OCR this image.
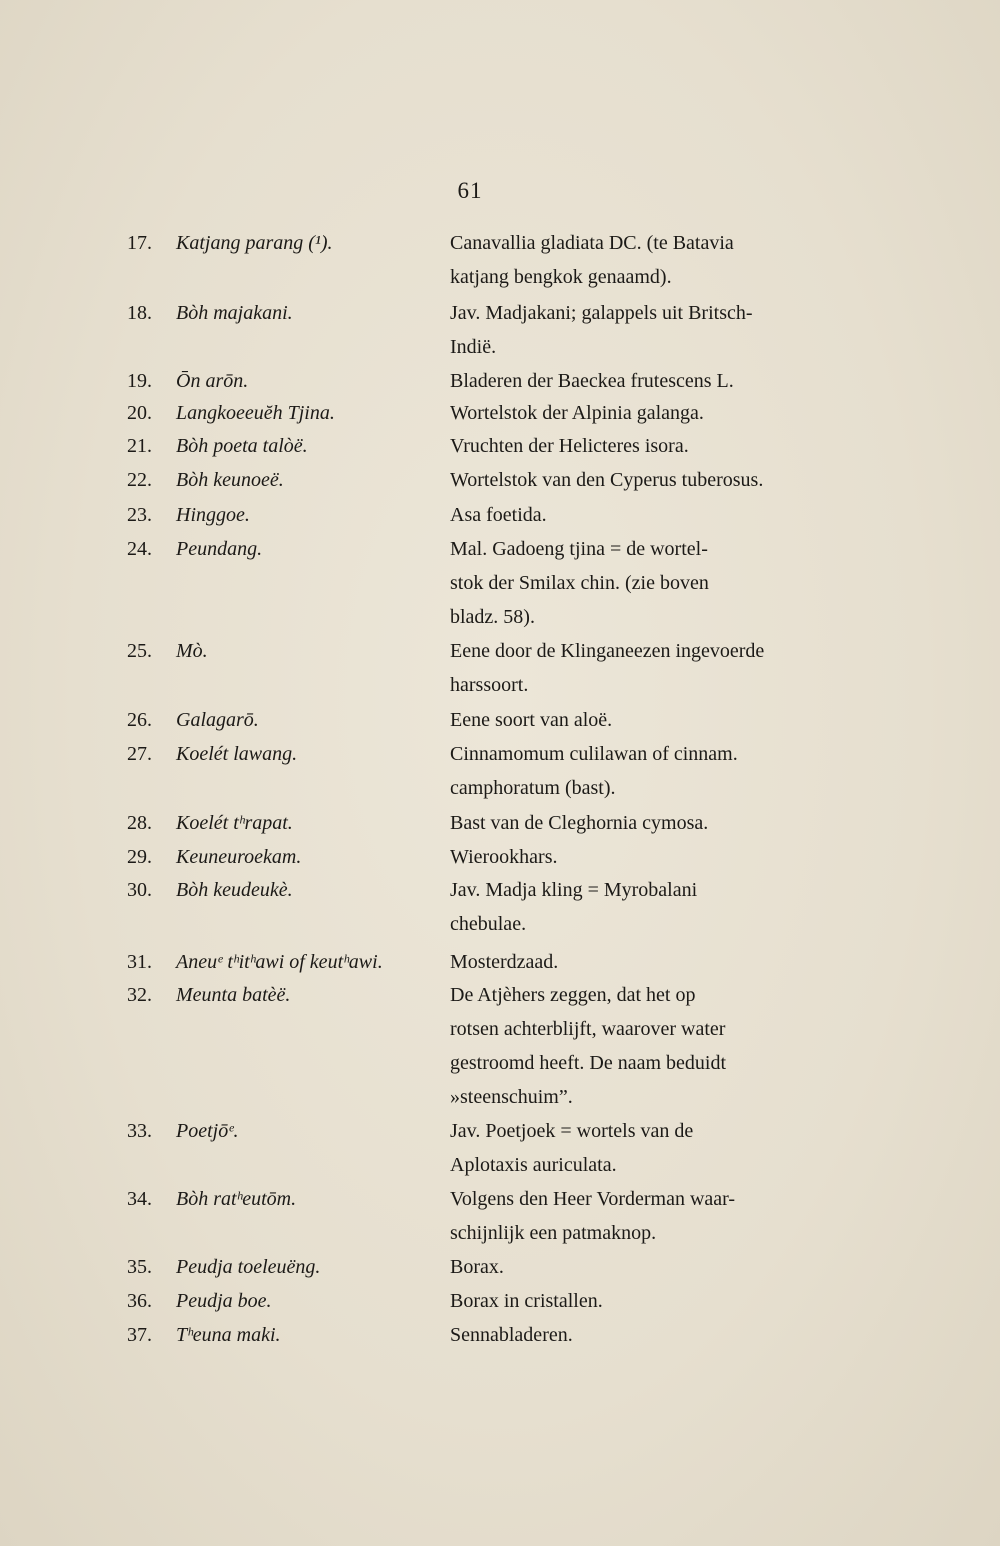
61
17.	Katjang parang (¹).	Canavallia gladiata DC. (te Batavia
katjang bengkok genaamd).
18.	Bòh majakani.	Jav. Madjakani; galappels uit Britsch-
Indië.
19.	Ōn arōn.	Bladeren der Baeckea frutescens L.
20.	Langkoeeuĕh Tjina.	Wortelstok der Alpinia galanga.
21.	Bòh poeta talòë.	Vruchten der Helicteres isora.
22.	Bòh keunoeë.	Wortelstok van den Cyperus tuberosus.
23.	Hinggoe.	Asa foetida.
24.	Peundang.	Mal. Gadoeng tjina = de wortel-
stok der Smilax chin. (zie boven
bladz. 58).
25.	Mò.	Eene door de Klinganeezen ingevoerde
harssoort.
26.	Galagarō.	Eene soort van aloë.
27.	Koelét lawang.	Cinnamomum culilawan of cinnam.
camphoratum (bast).
28.	Koelét tʰrapat.	Bast van de Cleghornia cymosa.
29.	Keuneuroekam.	Wierookhars.
30.	Bòh keudeukè.	Jav. Madja kling = Myrobalani
chebulae.
31.	Aneuᵉ tʰitʰawi of keutʰawi.	Mosterdzaad.
32.	Meunta batèë.	De Atjèhers zeggen, dat het op
rotsen achterblijft, waarover water
gestroomd heeft. De naam beduidt
»steenschuim”.
33.	Poetjōᵉ.	Jav. Poetjoek = wortels van de
Aplotaxis auriculata.
34.	Bòh ratʰeutōm.	Volgens den Heer Vorderman waar-
schijnlijk een patmaknop.
35.	Peudja toeleuëng.	Borax.
36.	Peudja boe.	Borax in cristallen.
37.	Tʰeuna maki.	Sennabladeren.
